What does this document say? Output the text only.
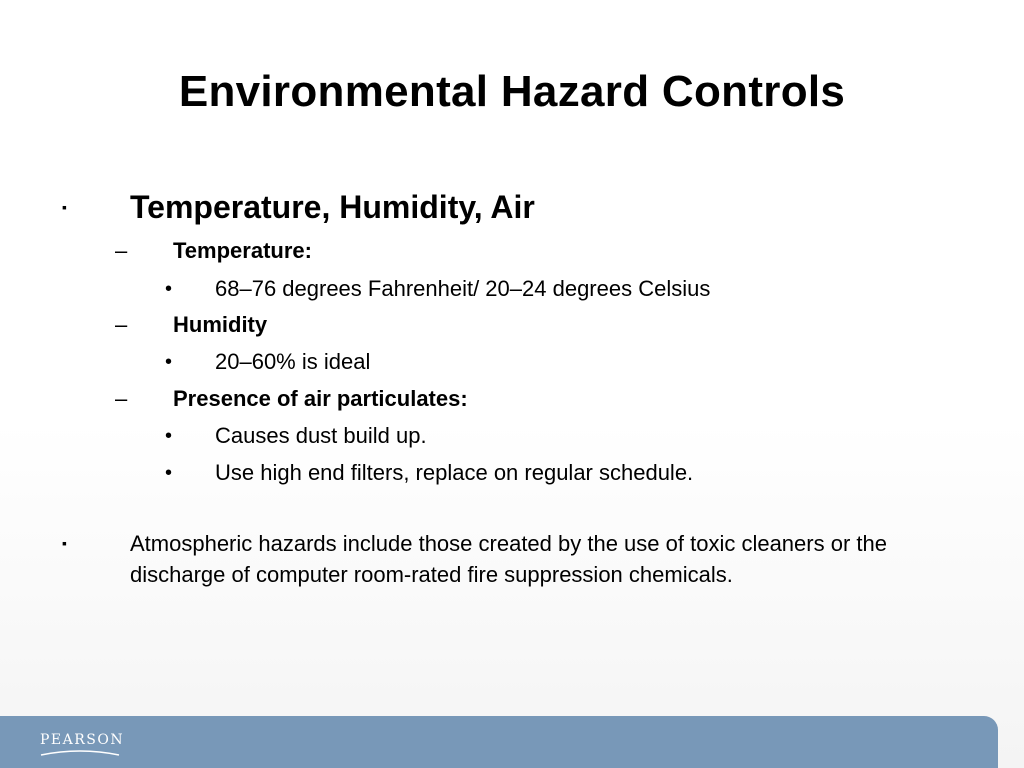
Environmental Hazard Controls
▪ Temperature, Humidity, Air
– Temperature:
• 68–76 degrees Fahrenheit/ 20–24 degrees Celsius
– Humidity
• 20–60% is ideal
– Presence of air particulates:
• Causes dust build up.
• Use high end filters, replace on regular schedule.
▪	Atmospheric hazards include those created by the use of toxic cleaners or the discharge of computer room-rated fire suppression chemicals.
PEARSON
